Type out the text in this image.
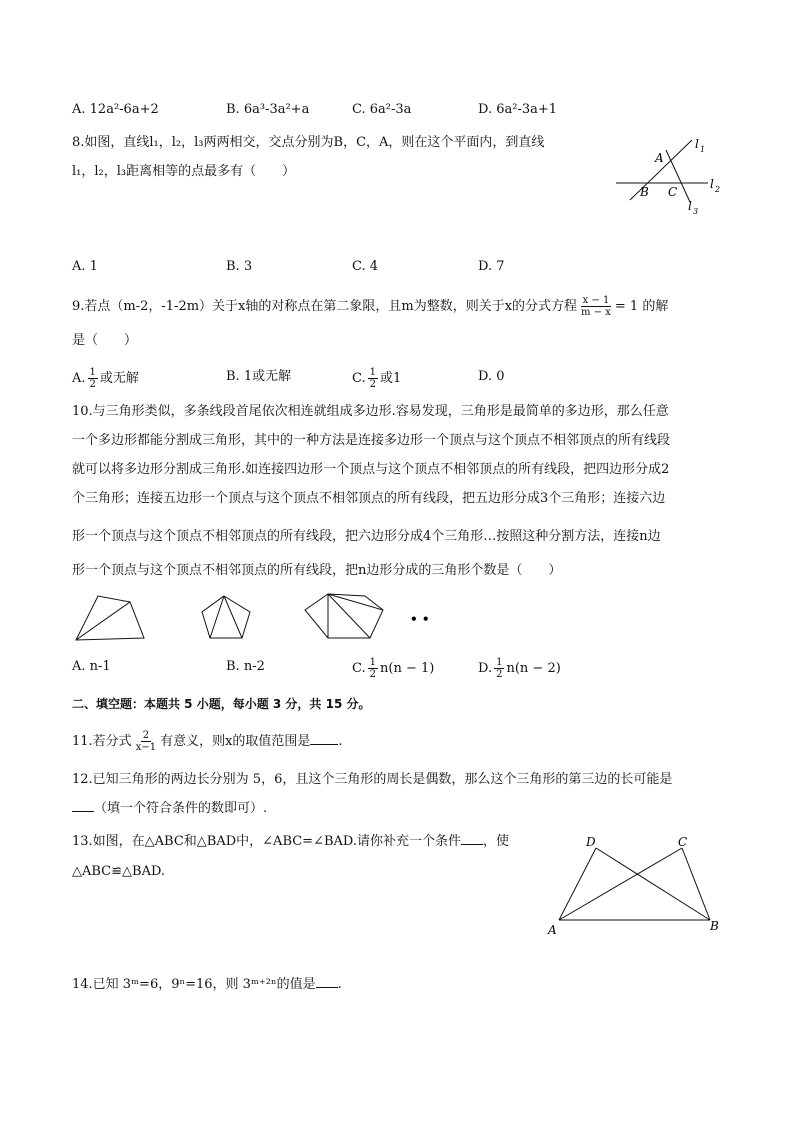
A. 12a²-6a+2	B. 6a³-3a²+a	C. 6a²-3a	D. 6a²-3a+1
8.如图，直线l₁，l₂，l₃两两相交，交点分别为B，C，A，则在这个平面内，到直线
l₁，l₂，l₃距离相等的点最多有（　　）
A
B C
l 1
l 2
l 3
A. 1	B. 3	C. 4	D. 7
9.若点（m-2，-1-2m）关于x轴的对称点在第二象限，且m为整数，则关于x的分式方程 $\frac{x - 1}{m - x} = 1$ 的解
是（　　）
A. $\frac{1}{2}$ 或无解	B. 1或无解	C. $\frac{1}{2}$ 或1	D. 0
10.与三角形类似，多条线段首尾依次相连就组成多边形.容易发现，三角形是最简单的多边形，那么任意
一个多边形都能分割成三角形，其中的一种方法是连接多边形一个顶点与这个顶点不相邻顶点的所有线段
就可以将多边形分割成三角形.如连接四边形一个顶点与这个顶点不相邻顶点的所有线段，把四边形分成2
个三角形；连接五边形一个顶点与这个顶点不相邻顶点的所有线段，把五边形分成3个三角形；连接六边
形一个顶点与这个顶点不相邻顶点的所有线段，把六边形分成4个三角形…按照这种分割方法，连接n边
形一个顶点与这个顶点不相邻顶点的所有线段，把n边形分成的三角形个数是（　　）
• •
A. n-1	B. n-2	C. $\frac{1}{2} n(n - 1)$	D. $\frac{1}{2} n(n - 2)$
二、填空题：本题共 5 小题，每小题 3 分，共 15 分。
11.若分式 $\frac{2}{x-1}$ 有意义，则x的取值范围是 .
12.已知三角形的两边长分别为 5，6，且这个三角形的周长是偶数，那么这个三角形的第三边的长可能是
（填一个符合条件的数即可）.
13.如图，在△ABC和△BAD中，∠ABC=∠BAD.请你补充一个条件 ，使
△ABC≌△BAD.
D	C
A	B
14.已知 3ᵐ=6，9ⁿ=16，则 3ᵐ⁺²ⁿ的值是 .
